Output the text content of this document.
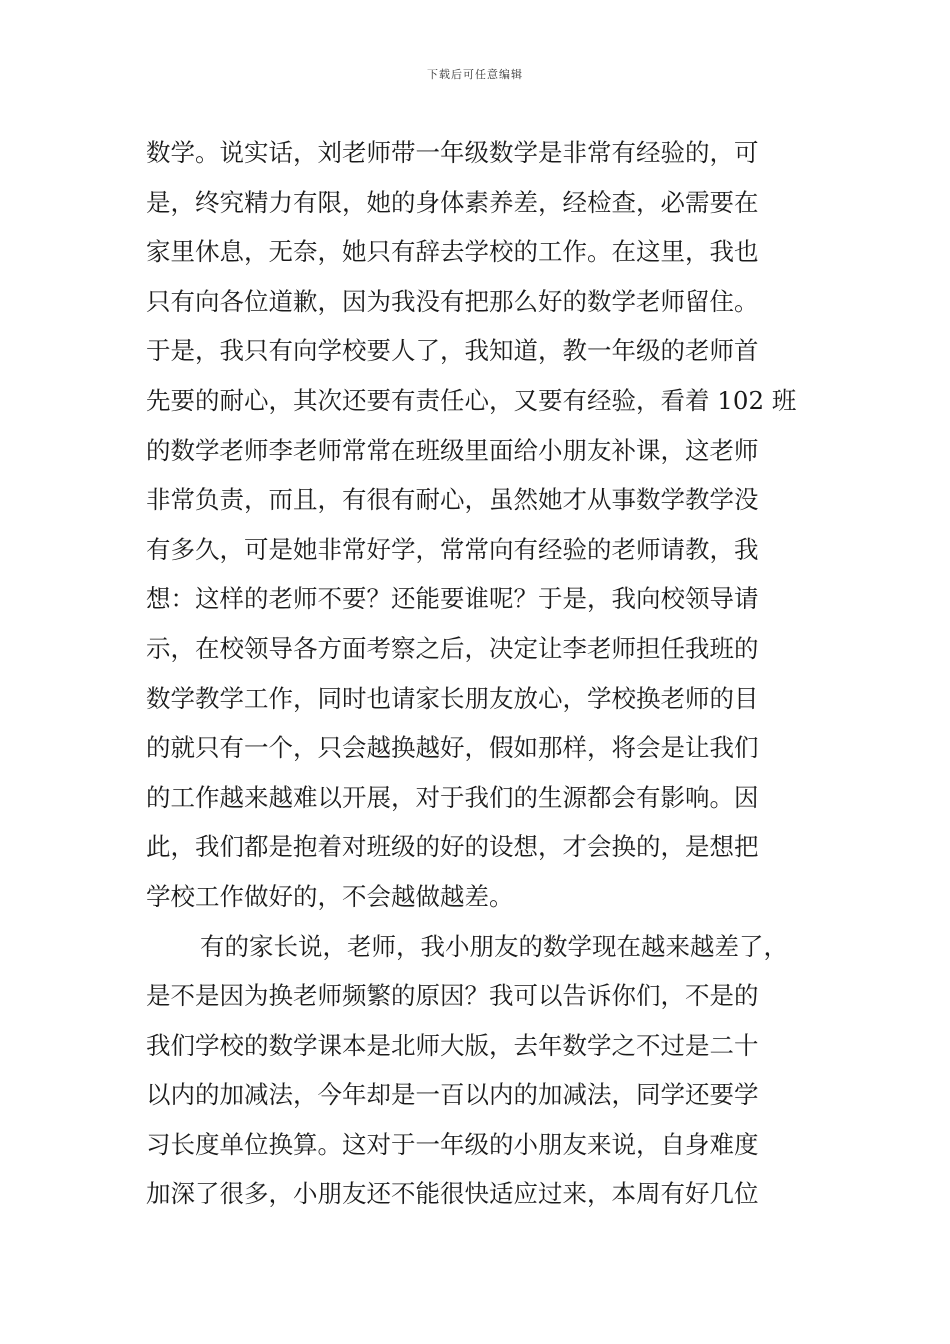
下载后可任意编辑
数学。说实话，刘老师带一年级数学是非常有经验的，可
是，终究精力有限，她的身体素养差，经检查，必需要在
家里休息，无奈，她只有辞去学校的工作。在这里，我也
只有向各位道歉，因为我没有把那么好的数学老师留住。
于是，我只有向学校要人了，我知道，教一年级的老师首
先要的耐心，其次还要有责任心，又要有经验，看着 102 班
的数学老师李老师常常在班级里面给小朋友补课，这老师
非常负责，而且，有很有耐心，虽然她才从事数学教学没
有多久，可是她非常好学，常常向有经验的老师请教，我
想：这样的老师不要？还能要谁呢？于是，我向校领导请
示，在校领导各方面考察之后，决定让李老师担任我班的
数学教学工作，同时也请家长朋友放心，学校换老师的目
的就只有一个，只会越换越好，假如那样，将会是让我们
的工作越来越难以开展，对于我们的生源都会有影响。因
此，我们都是抱着对班级的好的设想，才会换的，是想把
学校工作做好的，不会越做越差。
有的家长说，老师，我小朋友的数学现在越来越差了，
是不是因为换老师频繁的原因？我可以告诉你们，不是的
我们学校的数学课本是北师大版，去年数学之不过是二十
以内的加减法，今年却是一百以内的加减法，同学还要学
习长度单位换算。这对于一年级的小朋友来说，自身难度
加深了很多，小朋友还不能很快适应过来，本周有好几位
